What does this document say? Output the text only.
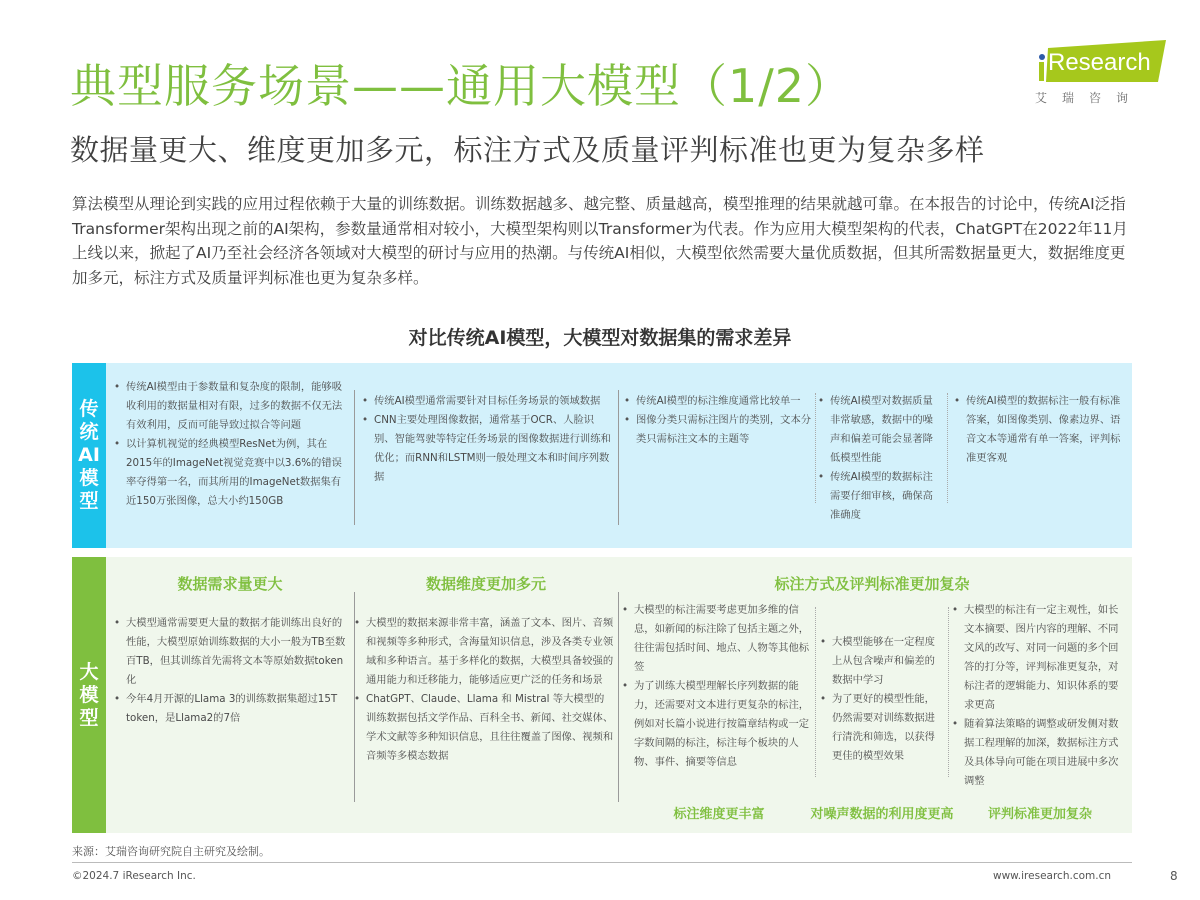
典型服务场景——通用大模型（1/2）
数据量更大、维度更加多元，标注方式及质量评判标准也更为复杂多样
Research
艾瑞咨询
算法模型从理论到实践的应用过程依赖于大量的训练数据。训练数据越多、越完整、质量越高，模型推理的结果就越可靠。在本报告的讨论中，传统AI泛指Transformer架构出现之前的AI架构，参数量通常相对较小，大模型架构则以Transformer为代表。作为应用大模型架构的代表，ChatGPT在2022年11月上线以来，掀起了AI乃至社会经济各领域对大模型的研讨与应用的热潮。与传统AI相似，大模型依然需要大量优质数据，但其所需数据量更大，数据维度更加多元，标注方式及质量评判标准也更为复杂多样。
对比传统AI模型，大模型对数据集的需求差异
传
统
AI
模
型
• 传统AI模型由于参数量和复杂度的限制，能够吸收利用的数据量相对有限，过多的数据不仅无法有效利用，反而可能导致过拟合等问题
• 以计算机视觉的经典模型ResNet为例，其在2015年的ImageNet视觉竞赛中以3.6%的错误率夺得第一名，而其所用的ImageNet数据集有近150万张图像，总大小约150GB
• 传统AI模型通常需要针对目标任务场景的领域数据
• CNN主要处理图像数据，通常基于OCR、人脸识别、智能驾驶等特定任务场景的图像数据进行训练和优化；而RNN和LSTM则一般处理文本和时间序列数据
• 传统AI模型的标注维度通常比较单一
• 图像分类只需标注图片的类别，文本分类只需标注文本的主题等
• 传统AI模型对数据质量非常敏感，数据中的噪声和偏差可能会显著降低模型性能
• 传统AI模型的数据标注需要仔细审核，确保高准确度
• 传统AI模型的数据标注一般有标准答案，如图像类别、像素边界、语音文本等通常有单一答案，评判标准更客观
大
模
型
数据需求量更大	数据维度更加多元	标注方式及评判标准更加复杂
• 大模型通常需要更大量的数据才能训练出良好的性能，大模型原始训练数据的大小一般为TB至数百TB，但其训练首先需将文本等原始数据token化
• 今年4月开源的Llama 3的训练数据集超过15T token，是Llama2的7倍
• 大模型的数据来源非常丰富，涵盖了文本、图片、音频和视频等多种形式，含海量知识信息，涉及各类专业领域和多种语言。基于多样化的数据，大模型具备较强的通用能力和迁移能力，能够适应更广泛的任务和场景
• ChatGPT、Claude、Llama 和 Mistral 等大模型的训练数据包括文学作品、百科全书、新闻、社交媒体、学术文献等多种知识信息，且往往覆盖了图像、视频和音频等多模态数据
• 大模型的标注需要考虑更加多维的信息，如新闻的标注除了包括主题之外，往往需包括时间、地点、人物等其他标签
• 为了训练大模型理解长序列数据的能力，还需要对文本进行更复杂的标注，例如对长篇小说进行按篇章结构或一定字数间隔的标注，标注每个板块的人物、事件、摘要等信息
• 大模型能够在一定程度上从包含噪声和偏差的数据中学习
• 为了更好的模型性能，仍然需要对训练数据进行清洗和筛选，以获得更佳的模型效果
• 大模型的标注有一定主观性，如长文本摘要、图片内容的理解、不同文风的改写、对同一问题的多个回答的打分等，评判标准更复杂，对标注者的逻辑能力、知识体系的要求更高
• 随着算法策略的调整或研发侧对数据工程理解的加深，数据标注方式及具体导向可能在项目进展中多次调整
标注维度更丰富	对噪声数据的利用度更高	评判标准更加复杂
来源：艾瑞咨询研究院自主研究及绘制。
©2024.7 iResearch Inc.	www.iresearch.com.cn	8
